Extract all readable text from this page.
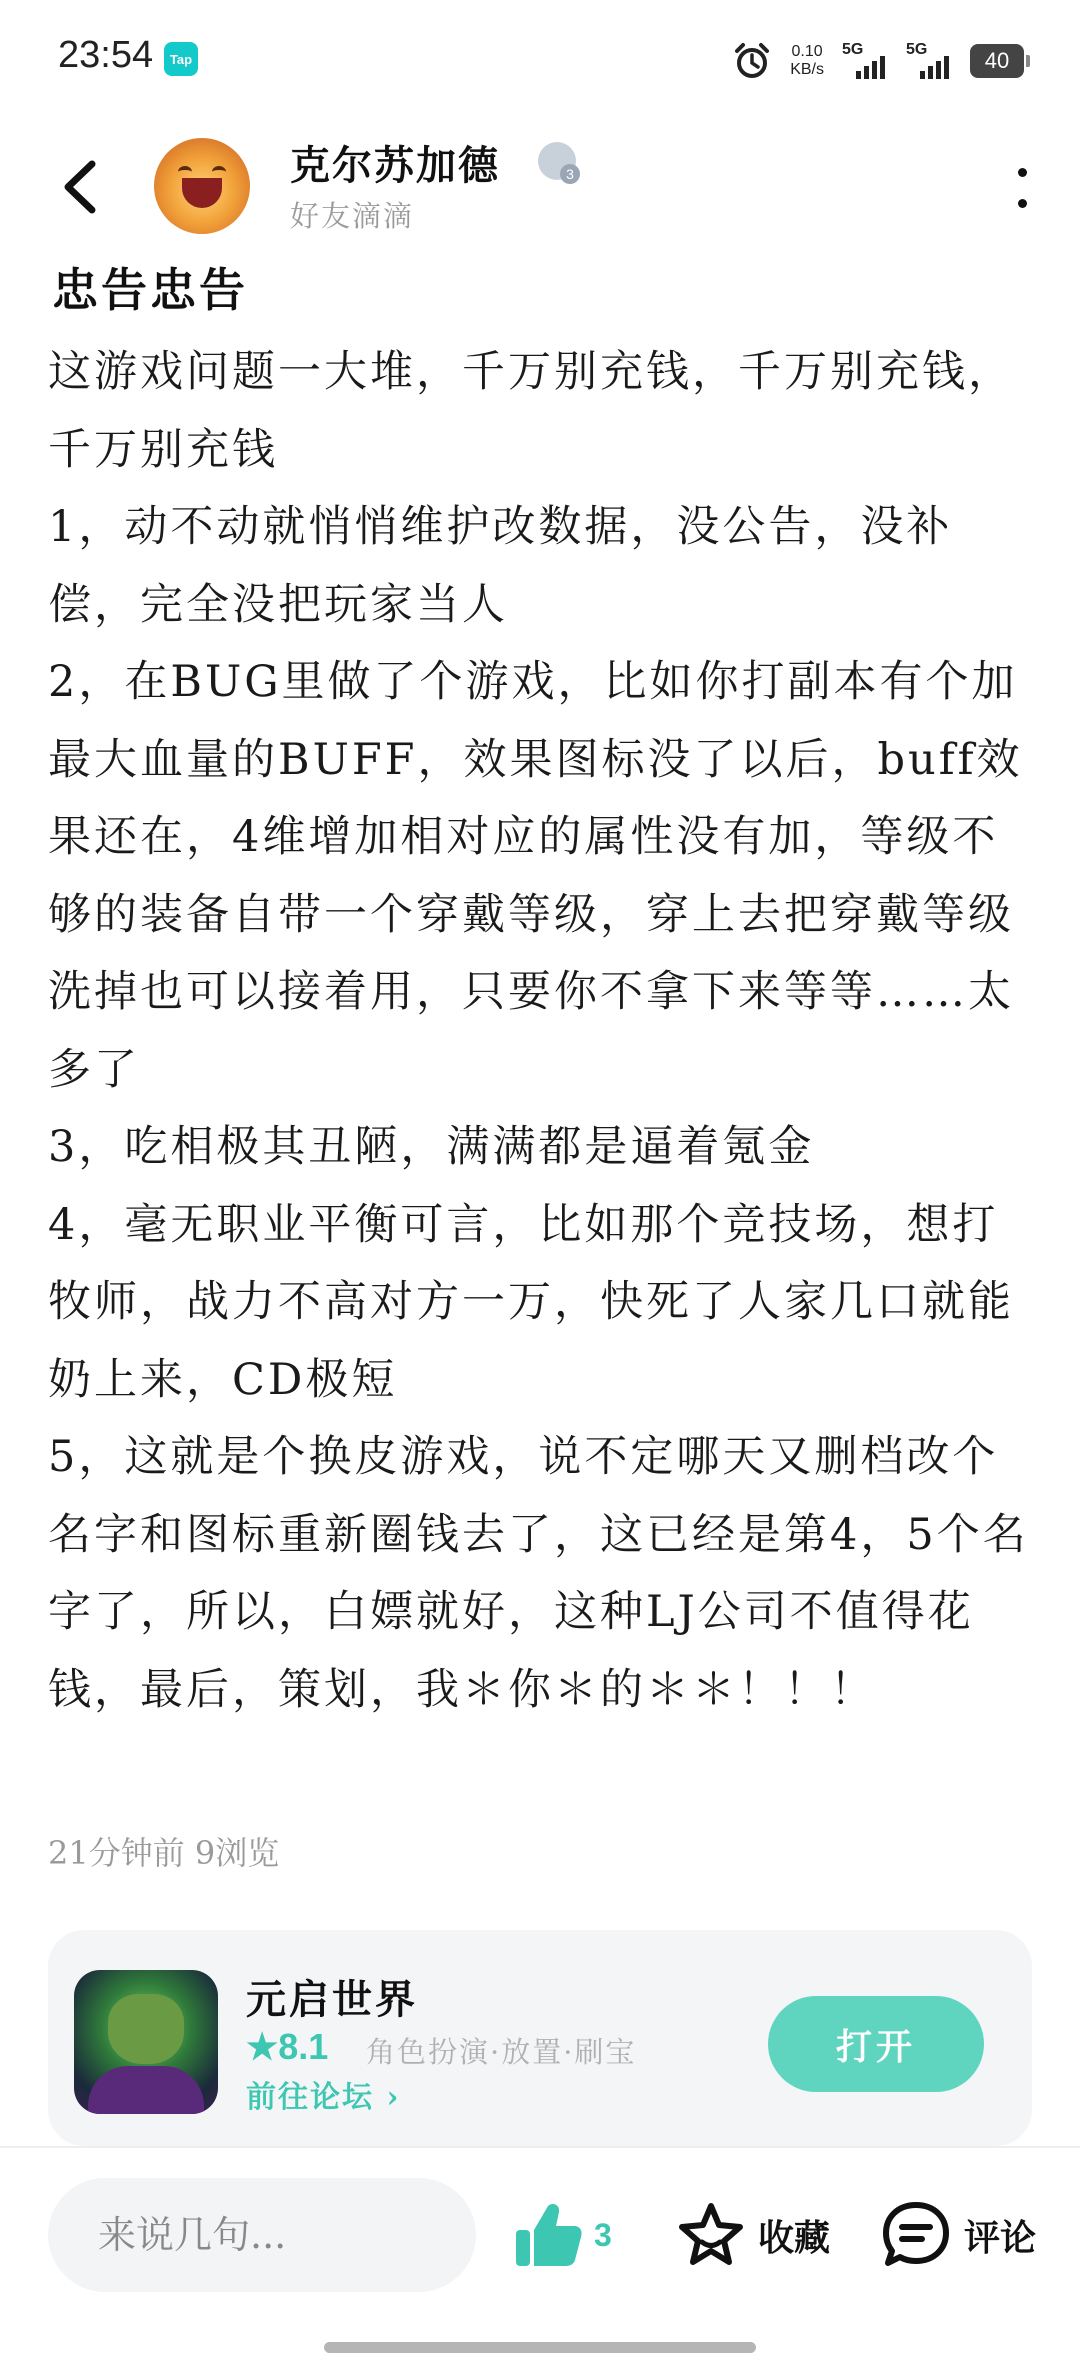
23:54	Tap	0.10
KB/s
5G	5G	40
克尔苏加德	3
好友滴滴
忠告忠告

这游戏问题一大堆，千万别充钱，千万别充钱，千万别充钱

1，动不动就悄悄维护改数据，没公告，没补偿，完全没把玩家当人

2，在BUG里做了个游戏，比如你打副本有个加最大血量的BUFF，效果图标没了以后，buff效果还在，4维增加相对应的属性没有加，等级不够的装备自带一个穿戴等级，穿上去把穿戴等级洗掉也可以接着用，只要你不拿下来等等……太多了

3，吃相极其丑陋，满满都是逼着氪金

4，毫无职业平衡可言，比如那个竞技场，想打牧师，战力不高对方一万，快死了人家几口就能奶上来，CD极短

5，这就是个换皮游戏，说不定哪天又删档改个名字和图标重新圈钱去了，这已经是第4，5个名字了，所以，白嫖就好，这种LJ公司不值得花钱，最后，策划，我＊你＊的＊＊！！！

21分钟前 9浏览
元启世界
★8.1 角色扮演·放置·刷宝
前往论坛 ›
打开
来说几句...
3	收藏	评论
